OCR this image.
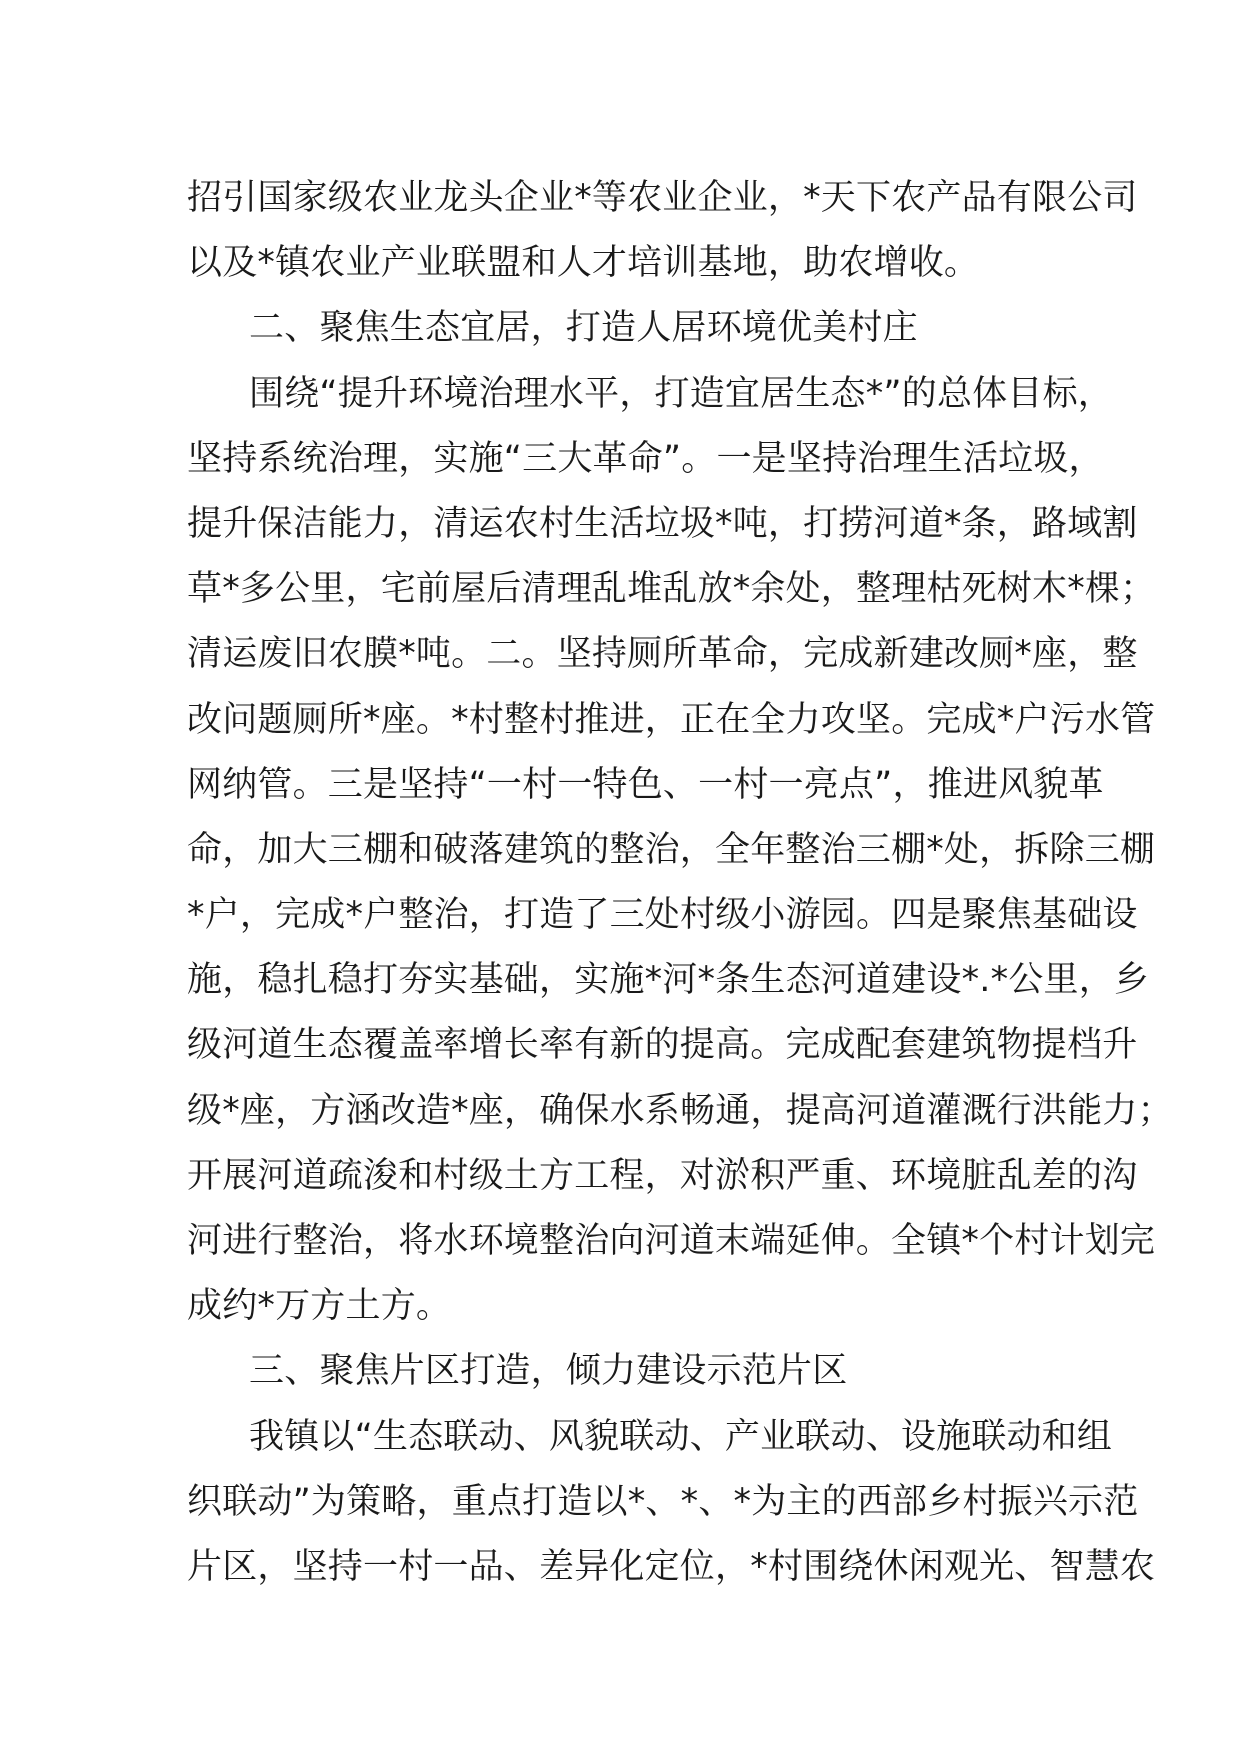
招引国家级农业龙头企业*等农业企业，*天下农产品有限公司
以及*镇农业产业联盟和人才培训基地，助农增收。
二、聚焦生态宜居，打造人居环境优美村庄
围绕“提升环境治理水平，打造宜居生态*”的总体目标，
坚持系统治理，实施“三大革命”。一是坚持治理生活垃圾，
提升保洁能力，清运农村生活垃圾*吨，打捞河道*条，路域割
草*多公里，宅前屋后清理乱堆乱放*余处，整理枯死树木*棵；
清运废旧农膜*吨。二。坚持厕所革命，完成新建改厕*座，整
改问题厕所*座。*村整村推进，正在全力攻坚。完成*户污水管
网纳管。三是坚持“一村一特色、一村一亮点”，推进风貌革
命，加大三棚和破落建筑的整治，全年整治三棚*处，拆除三棚
*户，完成*户整治，打造了三处村级小游园。四是聚焦基础设
施，稳扎稳打夯实基础，实施*河*条生态河道建设*.*公里，乡
级河道生态覆盖率增长率有新的提高。完成配套建筑物提档升
级*座，方涵改造*座，确保水系畅通，提高河道灌溉行洪能力；
开展河道疏浚和村级土方工程，对淤积严重、环境脏乱差的沟
河进行整治，将水环境整治向河道末端延伸。全镇*个村计划完
成约*万方土方。
三、聚焦片区打造，倾力建设示范片区
我镇以“生态联动、风貌联动、产业联动、设施联动和组
织联动”为策略，重点打造以*、*、*为主的西部乡村振兴示范
片区，坚持一村一品、差异化定位，*村围绕休闲观光、智慧农
